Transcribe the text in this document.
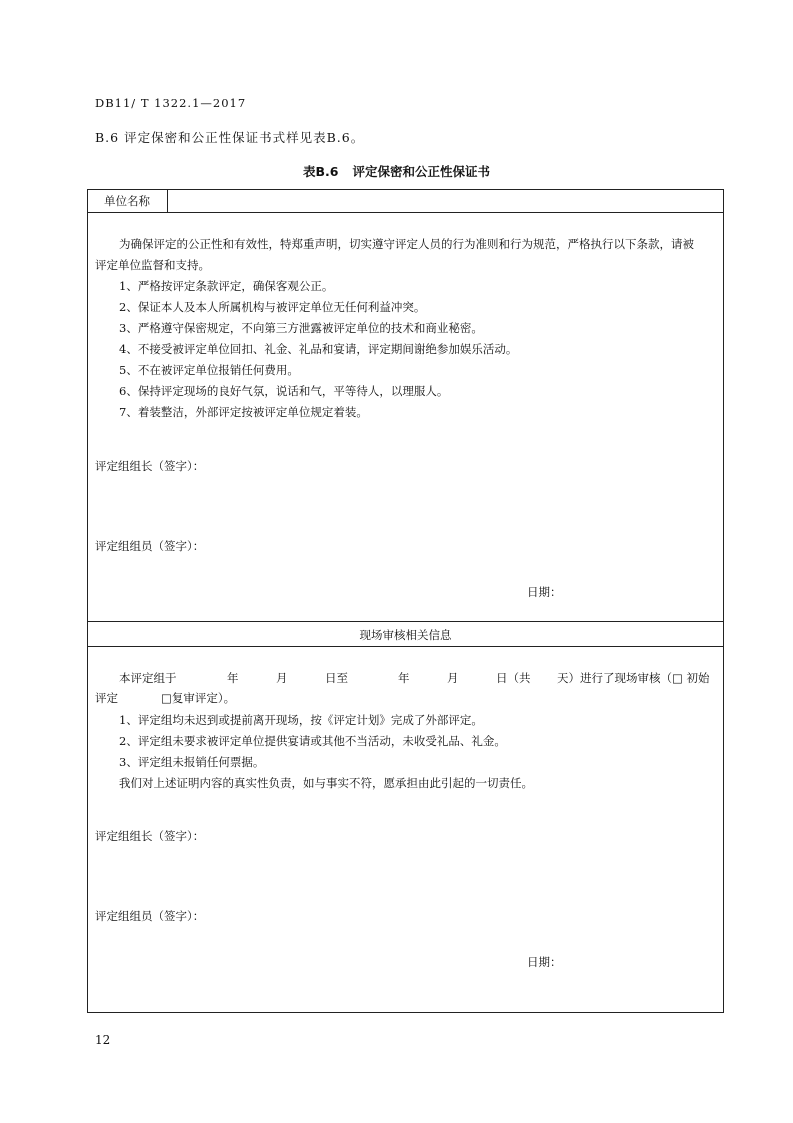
DB11/ T 1322.1—2017
B.6 评定保密和公正性保证书式样见表B.6。
表B.6 评定保密和公正性保证书
单位名称
为确保评定的公正性和有效性，特郑重声明，切实遵守评定人员的行为准则和行为规范，严格执行以下条款，请被
评定单位监督和支持。
1、严格按评定条款评定，确保客观公正。
2、保证本人及本人所属机构与被评定单位无任何利益冲突。
3、严格遵守保密规定，不向第三方泄露被评定单位的技术和商业秘密。
4、不接受被评定单位回扣、礼金、礼品和宴请，评定期间谢绝参加娱乐活动。
5、不在被评定单位报销任何费用。
6、保持评定现场的良好气氛，说话和气，平等待人，以理服人。
7、着装整洁，外部评定按被评定单位规定着装。
评定组组长（签字）：
评定组组员（签字）：
日期：
现场审核相关信息
本评定组于	年	月	日至	年	月	日（共 天）进行了现场审核（□ 初始
评定	□复审评定）。
1、评定组均未迟到或提前离开现场，按《评定计划》完成了外部评定。
2、评定组未要求被评定单位提供宴请或其他不当活动，未收受礼品、礼金。
3、评定组未报销任何票据。
我们对上述证明内容的真实性负责，如与事实不符，愿承担由此引起的一切责任。
评定组组长（签字）：
评定组组员（签字）：
日期：
12
